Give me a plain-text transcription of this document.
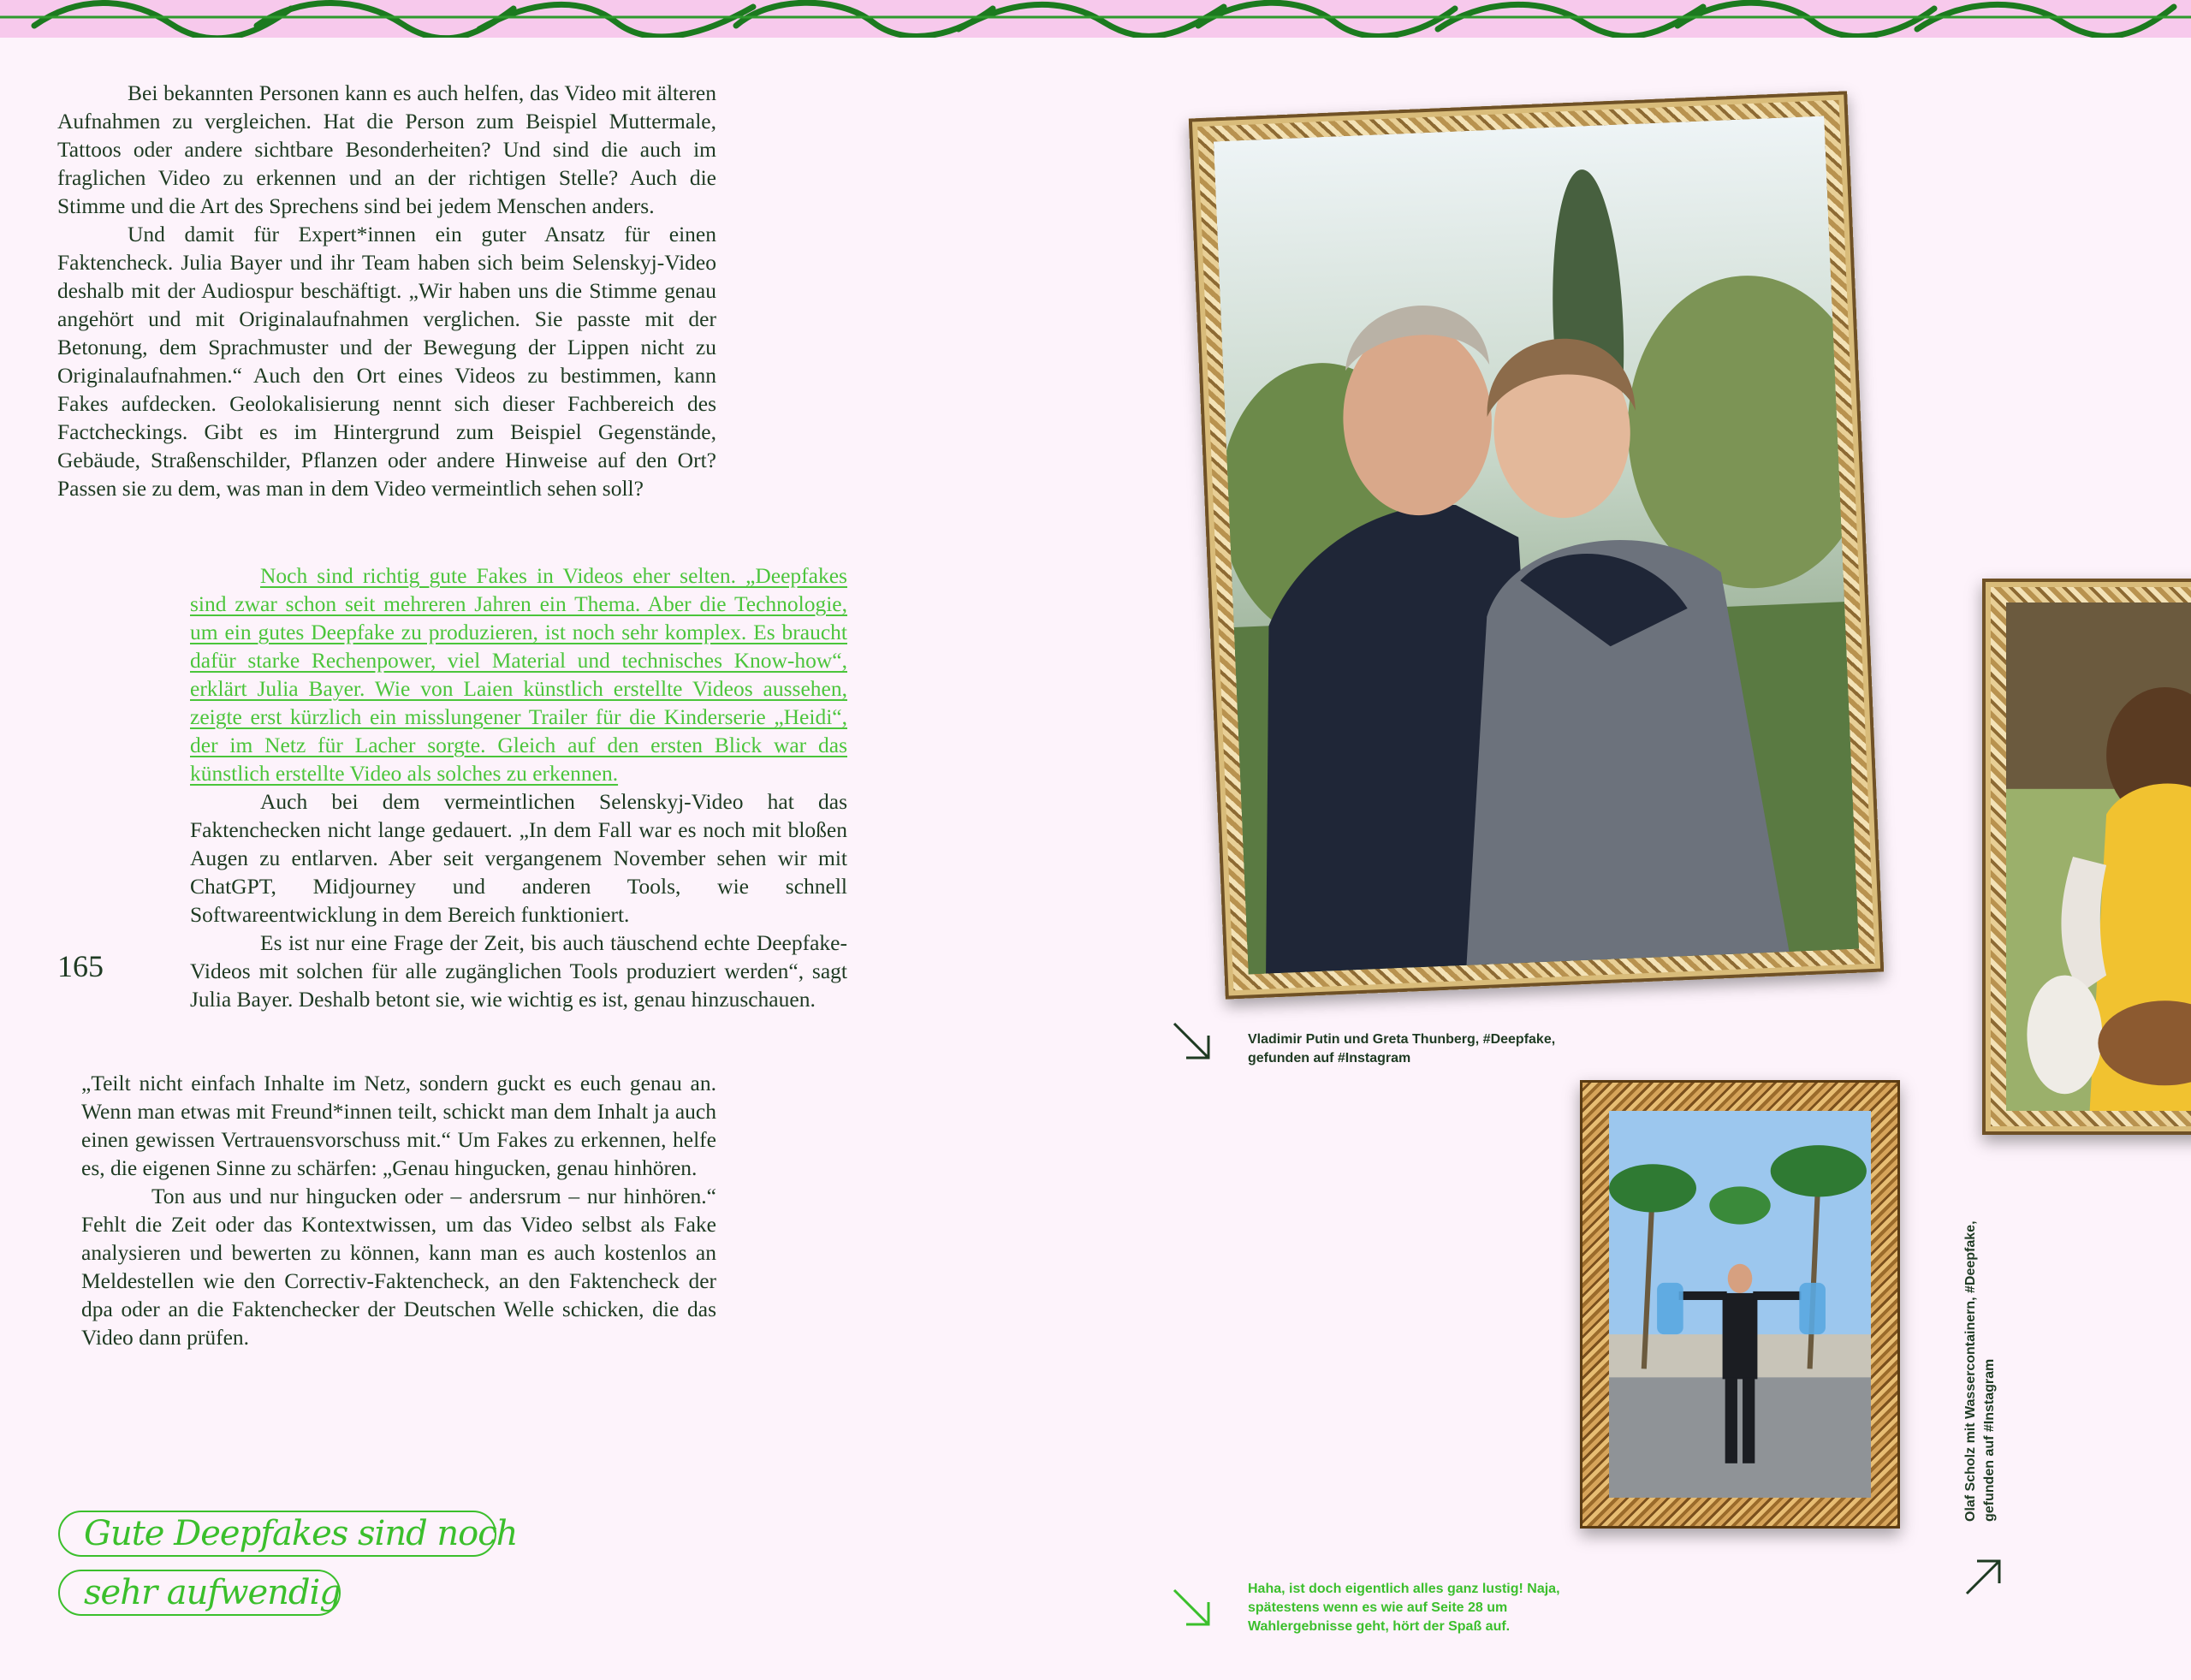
Bei bekannten Personen kann es auch helfen, das Video mit älteren Aufnahmen zu vergleichen. Hat die Person zum Beispiel Muttermale, Tattoos oder andere sichtbare Besonderheiten? Und sind die auch im fraglichen Video zu erkennen und an der richtigen Stelle? Auch die Stimme und die Art des Sprechens sind bei jedem Menschen anders.

Und damit für Expert*innen ein guter Ansatz für einen Faktencheck. Julia Bayer und ihr Team haben sich beim Selenskyj-Video deshalb mit der Audiospur beschäftigt. „Wir haben uns die Stimme genau angehört und mit Originalaufnahmen verglichen. Sie passte mit der Betonung, dem Sprachmuster und der Bewegung der Lippen nicht zu Originalaufnahmen.“ Auch den Ort eines Videos zu bestimmen, kann Fakes aufdecken. Geolokalisierung nennt sich dieser Fachbereich des Factcheckings. Gibt es im Hintergrund zum Beispiel Gegenstände, Gebäude, Straßenschilder, Pflanzen oder andere Hinweise auf den Ort? Passen sie zu dem, was man in dem Video vermeintlich sehen soll?

Noch sind richtig gute Fakes in Videos eher selten. „Deepfakes sind zwar schon seit mehreren Jahren ein Thema. Aber die Technologie, um ein gutes Deepfake zu produzieren, ist noch sehr komplex. Es braucht dafür starke Rechenpower, viel Material und technisches Know-how“, erklärt Julia Bayer. Wie von Laien künstlich erstellte Videos aussehen, zeigte erst kürzlich ein misslungener Trailer für die Kinderserie „Heidi“, der im Netz für Lacher sorgte. Gleich auf den ersten Blick war das künstlich erstellte Video als solches zu erkennen.

Auch bei dem vermeintlichen Selenskyj-Video hat das Faktenchecken nicht lange gedauert. „In dem Fall war es noch mit bloßen Augen zu entlarven. Aber seit vergangenem November sehen wir mit ChatGPT, Midjourney und anderen Tools, wie schnell Softwareentwicklung in dem Bereich funktioniert.

Es ist nur eine Frage der Zeit, bis auch täuschend echte Deepfake-Videos mit solchen für alle zugänglichen Tools produziert werden“, sagt Julia Bayer. Deshalb betont sie, wie wichtig es ist, genau hinzuschauen.

„Teilt nicht einfach Inhalte im Netz, sondern guckt es euch genau an. Wenn man etwas mit Freund*innen teilt, schickt man dem Inhalt ja auch einen gewissen Vertrauensvorschuss mit.“ Um Fakes zu erkennen, helfe es, die eigenen Sinne zu schärfen: „Genau hingucken, genau hinhören.

Ton aus und nur hingucken oder – andersrum – nur hinhören.“ Fehlt die Zeit oder das Kontextwissen, um das Video selbst als Fake analysieren und bewerten zu können, kann man es auch kostenlos an Meldestellen wie den Correctiv-Faktencheck, an den Faktencheck der dpa oder an die Faktenchecker der Deutschen Welle schicken, die das Video dann prüfen.

165
Gute Deepfakes sind noch
sehr aufwendig
Vladimir Putin und Greta Thunberg, #Deepfake, gefunden auf #Instagram
Haha, ist doch eigentlich alles ganz lustig! Naja, spätestens wenn es wie auf Seite 28 um Wahlergebnisse geht, hört der Spaß auf.
Olaf Scholz mit Wassercontainern, #Deepfake, gefunden auf #Instagram
